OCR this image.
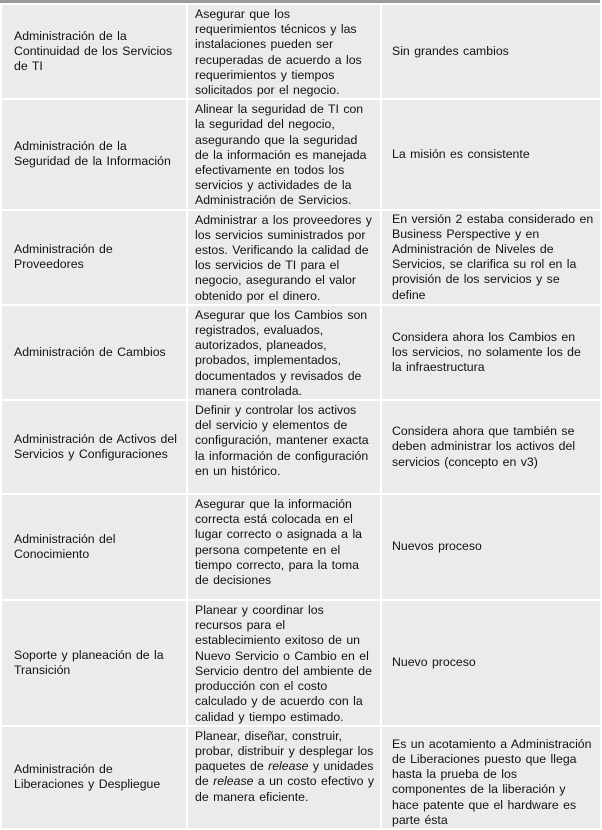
Administración de la Continuidad de los Servicios de TI	Asegurar que los requerimientos técnicos y las instalaciones pueden ser recuperadas de acuerdo a los requerimientos y tiempos solicitados por el negocio.	Sin grandes cambios
Administración de la Seguridad de la Información	Alinear la seguridad de TI con la seguridad del negocio, asegurando que la seguridad de la información es manejada efectivamente en todos los servicios y actividades de la Administración de Servicios.	La misión es consistente
Administración de Proveedores	Administrar a los proveedores y los servicios suministrados por estos. Verificando la calidad de los servicios de TI para el negocio, asegurando el valor obtenido por el dinero.	En versión 2 estaba considerado en Business Perspective y en Administración de Niveles de Servicios, se clarifica su rol en la provisión de los servicios y se define
Administración de Cambios	Asegurar que los Cambios son registrados, evaluados, autorizados, planeados, probados, implementados, documentados y revisados de manera controlada.	Considera ahora los Cambios en los servicios, no solamente los de la infraestructura
Administración de Activos del Servicios y Configuraciones	Definir y controlar los activos del servicio y elementos de configuración, mantener exacta la información de configuración en un histórico.	Considera ahora que también se deben administrar los activos del servicios (concepto en v3)
Administración del Conocimiento	Asegurar que la información correcta está colocada en el lugar correcto o asignada a la persona competente en el tiempo correcto, para la toma de decisiones	Nuevos proceso
Soporte y planeación de la Transición	Planear y coordinar los recursos para el establecimiento exitoso de un Nuevo Servicio o Cambio en el Servicio dentro del ambiente de producción con el costo calculado y de acuerdo con la calidad y tiempo estimado.	Nuevo proceso
Administración de Liberaciones y Despliegue	Planear, diseñar, construir, probar, distribuir y desplegar los paquetes de release y unidades de release a un costo efectivo y de manera eficiente.	Es un acotamiento a Administración de Liberaciones puesto que llega hasta la prueba de los componentes de la liberación y hace patente que el hardware es parte ésta
